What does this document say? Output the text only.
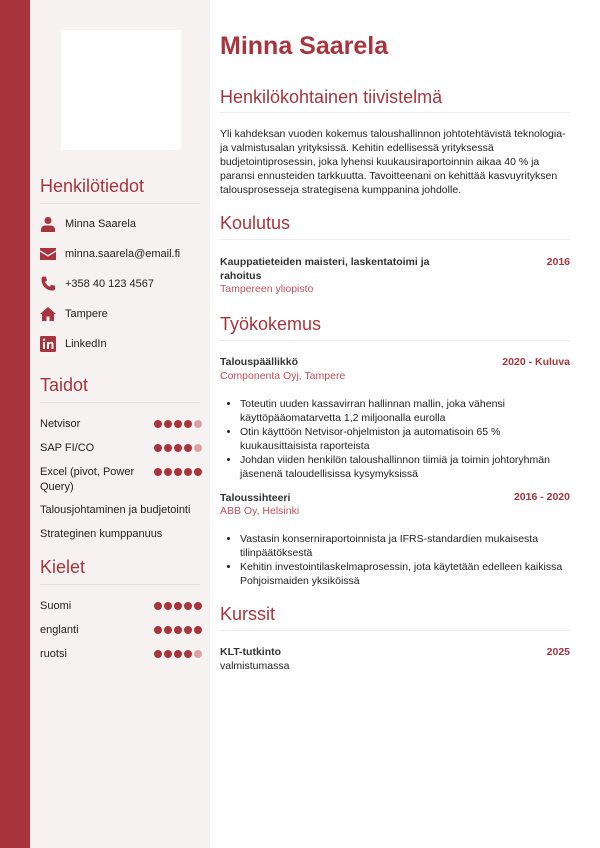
Henkilötiedot
Minna Saarela
minna.saarela@email.fi
+358 40 123 4567
Tampere
LinkedIn
Taidot
Netvisor
SAP FI/CO
Excel (pivot, Power Query)
Talousjohtaminen ja budjetointi
Strateginen kumppanuus
Kielet
Suomi
englanti
ruotsi
Minna Saarela
Henkilökohtainen tiivistelmä
Yli kahdeksan vuoden kokemus taloushallinnon johtotehtävistä teknologia- ja valmistusalan yrityksissä. Kehitin edellisessä yrityksessä budjetointiprosessin, joka lyhensi kuukausiraportoinnin aikaa 40 % ja paransi ennusteiden tarkkuutta. Tavoitteenani on kehittää kasvuyrityksen talousprosesseja strategisena kumppanina johdolle.
Koulutus
Kauppatieteiden maisteri, laskentatoimi ja rahoitus
2016
Tampereen yliopisto
Työkokemus
Talouspäällikkö	2020 - Kuluva
Componenta Oyj, Tampere
• Toteutin uuden kassavirran hallinnan mallin, joka vähensi käyttöpääomatarvetta 1,2 miljoonalla eurolla
• Otin käyttöön Netvisor-ohjelmiston ja automatisoin 65 % kuukausittaisista raporteista
• Johdan viiden henkilön taloushallinnon tiimiä ja toimin johtoryhmän jäsenenä taloudellisissa kysymyksissä
Taloussihteeri	2016 - 2020
ABB Oy, Helsinki
• Vastasin konserniraportoinnista ja IFRS-standardien mukaisesta tilinpäätöksestä
• Kehitin investointilaskelmaprosessin, jota käytetään edelleen kaikissa Pohjoismaiden yksiköissä
Kurssit
KLT-tutkinto	2025
valmistumassa
